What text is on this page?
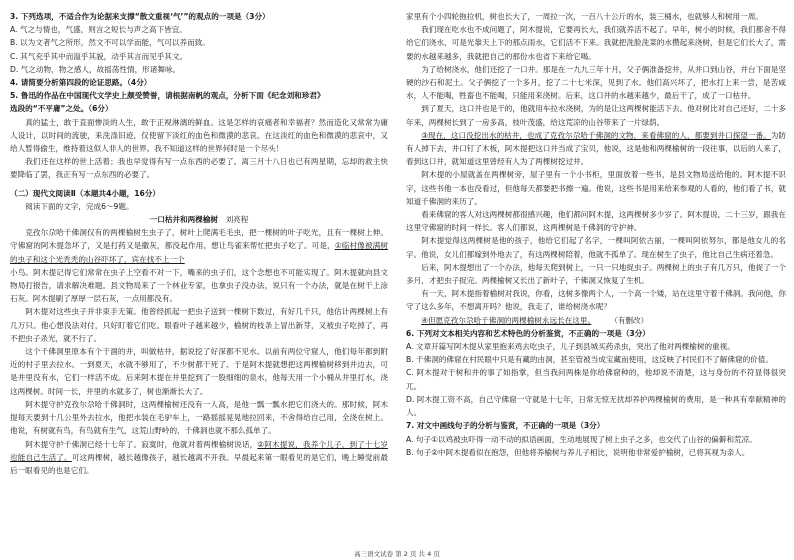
3. 下列选项，不适合作为论据来支撑“散文重视‘气’”的观点的一项是（3分）

A. 气之与情也，气盛，则言之短长与声之高下皆宜。

B. 以为文者气之所形，然文不可以学而能，气可以养而致。

C. 其气充乎其中而溢乎其貌，动乎其言而见乎其文。

D. 气之动物，物之感人，故摇荡性情，形诸舞咏。

4. 请简要分析第四段的论证思路。（4分）

5. 鲁迅的作品在中国现代文学史上颇受赞誉，请根据南帆的观点，分析下面《纪念刘和珍君》

选段的“不平庸”之处。（6分）

真的猛士，敢于直面惨淡的人生，敢于正视淋漓的鲜血。这是怎样的哀痛者和幸福者？然而造化又常常为庸人设计，以时间的流驶，来洗涤旧迹，仅使留下淡红的血色和微漠的悲哀。在这淡红的血色和微漠的悲哀中，又给人暂得偷生，维持着这似人非人的世界。我不知道这样的世界何时是一个尽头！

我们还在这样的世上活着；我也早觉得有写一点东西的必要了。离三月十八日也已有两星期，忘却的救主快要降临了罢，我正有写一点东西的必要了。

（二）现代文阅读Ⅱ（本题共4小题，16分）

阅读下面的文字，完成6～9题。

一口枯井和两棵榆树　 刘亮程

克孜尔尕哈千佛洞仅有的两棵榆树生虫子了，树叶上爬满毛毛虫，把一棵树的叶子吃光，且有一棵树上伸。守佛窟的阿木提急坏了，又是打药又是撒灰，都没起作用。想让鸟雀来帮忙把虫子吃了。可是，①临村像被满树的虫子和这个光秃秃的山谷吓坏了，宾在找不上一个

小鸟。阿木提记得它们常常在虫子上空看不对一下，嘴来的虫子们，这个念想也不可能实现了。阿木提就向县文物局打报告，请求解决难题。县文物局来了一个林业专家，也拿虫子没办法，说只有一个办法，就是在树干上涂石灰。阿木提刷了厚厚一层石灰，一点用都没有。

阿木提对这些虫子并非束手无策。他曾经抓起一把虫子送到一棵树下数过，有好几千只，他估计两棵树上有几万只。他心想没法对付，只好盯着它们吃。眼看叶子越来越少，榆树的枝条上冒出新芽，又被虫子吃掉了，再不把虫子杀光，就不行了。

这个千佛洞里原本有个干涸的井，叫做枯井，据说挖了好深都不见水。以前有两位守窟人，他们每年都到附近的村子里去拉水。一到夏天，水就不够用了，不少树都干死了。于是阿木提就想把这两棵榆树移到井边去，可是井里没有水，它们一样活不成。后来阿木提在井里挖到了一股细细的泉水，他每天用一个小桶从井里打水，浇这两棵树。时间一长，井里的水就多了，树也渐渐长大了。

阿木提守护克孜尔尕哈千佛洞时，这两棵榆树还没有一人高，是他一瓢一瓢水把它们浇大的。那时候，阿木提每天要到十几公里外去拉水，他把水装在毛驴车上，一路摇摇晃晃地拉回来，不舍得给自己用，全浇在树上。他说，有树就有鸟，有鸟就有生气，这荒山野岭的，千佛洞也就不那么孤单了。

阿木提守护千佛洞已经十七年了。寂寞时，他就对着两棵榆树说话，②阿木提说，我养个儿子，到了十七岁也能自己生活了。可这两棵树，越长越像孩子，越长越离不开我。早晨起来第一眼看见的是它们，晚上睡觉前最后一眼看见的也是它们。

家里有个小四轮拖拉机，树也长大了，一周拉一次，一百八十公斤的水，装三桶水，也就够人和树用一周。

我们现在吃水也不成问题了，阿木提说，它要再长大，我们就养活不起了。早年，树小的时候，我们都舍不得给它们浇水，可是光靠天上下的那点雨水，它们活不下来。我就把洗脸洗菜的水攒起来浇树，但是它们长大了，需要的水越来越多，我就把自己的那份水也省下来给它喝。

为了给树浇水，他们还挖了一口井。那是在一九九三年十月，父子俩准备挖井，从井口到山谷，井台下面是坚硬的沙石和泥土。父子俩挖了一个多月，挖了二十七米深，见到了水。他们高兴坏了，把水打上来一尝，是苦咸水，人不能喝，牲畜也不能喝，只能用来浇树。后来，这口井的水越来越少，最后干了，成了一口枯井。

到了夏天，这口井也是干的，他就用车拉水浇树，为的是让这两棵树能活下去。他对树比对自己还好，二十多年来，两棵树长到了一房多高，枝叶茂盛，给这荒凉的山谷带来了一片绿荫。

③现在，这口没挖出水的枯井，也成了克孜尔尕哈千佛洞的文物，来看佛窟的人，都要到井口探望一番。为防有人掉下去，井口钉了木板，阿木提把这口井当成了宝贝，他说，这是他和两棵榆树的一段往事，以后的人来了，看到这口井，就知道这里曾经有人为了两棵树挖过井。

阿木提的小屋就盖在两棵树旁，屋子里有一个小书柜，里面放着一些书，是县文物局送给他的。阿木提不识字，这些书他一本也没看过，但他每天都要把书擦一遍。他说，这些书是用来给来参观的人看的，他们看了书，就知道千佛洞的来历了。

看来佛窟的客人对这两棵树都很感兴趣，他们都问阿木提，这两棵树多少岁了。阿木提说，二十三岁，跟我在这里守佛窟的时间一样长。客人们都说，这两棵树是千佛洞的守护神。

阿木提觉得这两棵树是他的孩子，他给它们起了名字，一棵叫阿依古丽，一棵叫阿依努尔，都是他女儿的名字。他说，女儿们都嫁到外地去了，有这两棵树陪着，他就不孤单了。现在树生了虫子，他比自己生病还着急。

后来，阿木提想出了一个办法，他每天爬到树上，一只一只地捉虫子。两棵树上的虫子有几万只，他捉了一个多月，才把虫子捉完。两棵榆树又长出了新叶子，千佛洞又恢复了生机。

有一天，阿木提指着榆树对我说，你看，这树多像两个人，一个高一个矮，站在这里守着千佛洞。我问他，你守了这么多年，不想离开吗？他说，我走了，谁给树浇水呢？

④但愿克孜尔尕哈千佛洞的两棵榆树永远长在这里。　　　	（有删改）

6. 下列对文本相关内容和艺术特色的分析鉴赏，不正确的一项是（3分）

A. 文章开篇写阿木提从家里抱来鸡去吃虫子，儿子到县城买药杀虫，突出了他对两棵榆树的重视。

B. 千佛洞的佛窟在村民眼中只是有藏的由洞，甚至管被当成宝藏而使用，这反映了村民们不了解佛窟的价值。

C. 阿木提对于树和井的事了如指掌，但当我问两株是你给佛窟种的，他却说不清楚，这与身份的不符显得很突兀。

D. 阿木提工资不高，自己守佛窟一守就是十七年，日常无惊无扰却养护两棵榆树的费用，是一种具有奉献精神的人。

7. 对文中画线句子的分析与鉴赏，不正确的一项是（3分）

A. 句子①以鸡被虫吓得一动不动的拟语画面，生动地展现了树上虫子之多，也交代了山谷的偏僻和荒凉。

B. 句子②中阿木提看似在抱怨，但他将养榆树与养儿子相比，说明他非常爱护榆树，已将其视为亲人。

高三语文试卷 第 2 页 共 4 页
